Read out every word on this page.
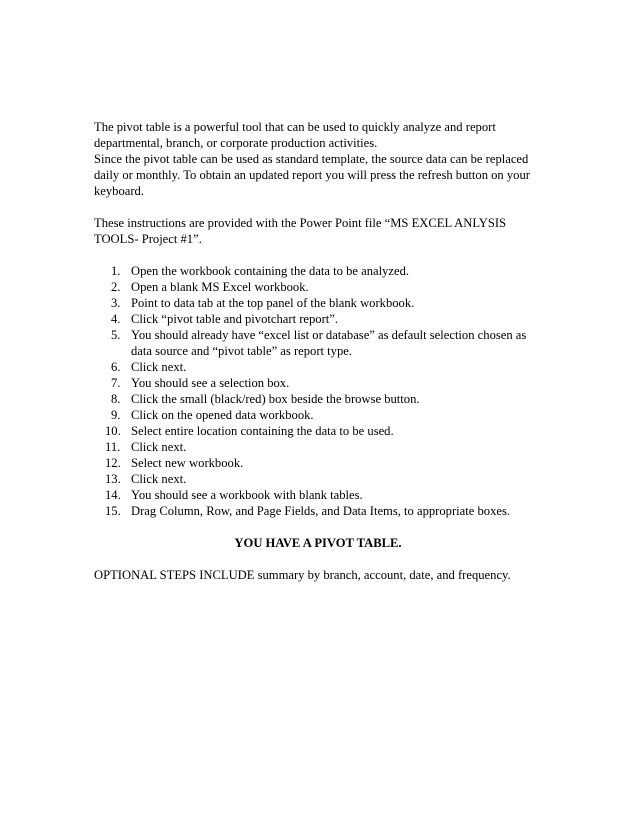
The pivot table is a powerful tool that can be used to quickly analyze and report departmental, branch, or corporate production activities.

Since the pivot table can be used as standard template, the source data can be replaced daily or monthly. To obtain an updated report you will press the refresh button on your keyboard.

These instructions are provided with the Power Point file “MS EXCEL ANLYSIS TOOLS- Project #1”.

1. Open the workbook containing the data to be analyzed.
2. Open a blank MS Excel workbook.
3. Point to data tab at the top panel of the blank workbook.
4. Click “pivot table and pivotchart report”.
5. You should already have “excel list or database” as default selection chosen as data source and “pivot table” as report type.
6. Click next.
7. You should see a selection box.
8. Click the small (black/red) box beside the browse button.
9. Click on the opened data workbook.
10. Select entire location containing the data to be used.
11. Click next.
12. Select new workbook.
13. Click next.
14. You should see a workbook with blank tables.
15. Drag Column, Row, and Page Fields, and Data Items, to appropriate boxes.

YOU HAVE A PIVOT TABLE.

OPTIONAL STEPS INCLUDE summary by branch, account, date, and frequency.
